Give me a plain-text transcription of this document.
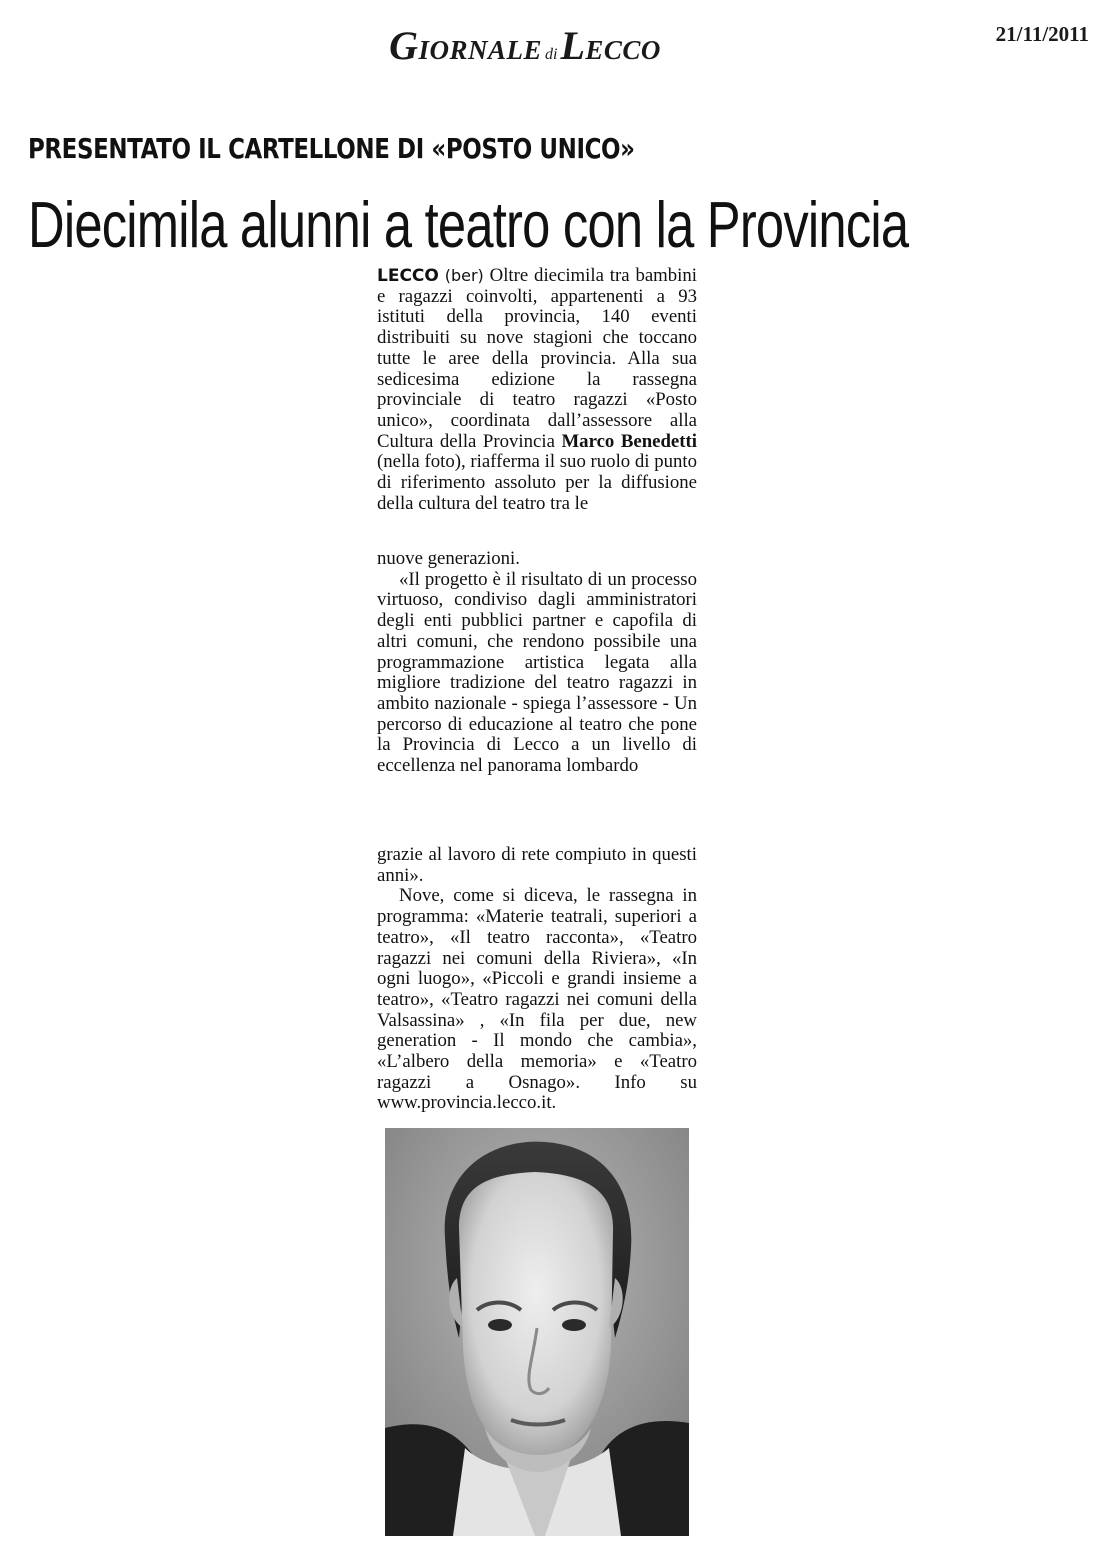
GIORNALE diLECCO
21/11/2011
PRESENTATO IL CARTELLONE DI «POSTO UNICO»
Diecimila alunni a teatro con la Provincia

LECCO (ber) Oltre diecimila tra bambini e ragazzi coinvolti, appartenenti a 93 istituti della provincia, 140 eventi distribuiti su nove stagioni che toccano tutte le aree della provincia. Alla sua sedicesima edizione la rassegna provinciale di teatro ragazzi «Posto unico», coordinata dall’assessore alla Cultura della Provincia Marco Benedetti (nella foto), riafferma il suo ruolo di punto di riferimento assoluto per la diffusione della cultura del teatro tra le

nuove generazioni.

«Il progetto è il risultato di un processo virtuoso, condiviso dagli amministratori degli enti pubblici partner e capofila di altri comuni, che rendono possibile una programmazione artistica legata alla migliore tradizione del teatro ragazzi in ambito nazionale - spiega l’assessore - Un percorso di educazione al teatro che pone la Provincia di Lecco a un livello di eccellenza nel panorama lombardo

grazie al lavoro di rete compiuto in questi anni».

Nove, come si diceva, le rassegna in programma: «Materie teatrali, superiori a teatro», «Il teatro racconta», «Teatro ragazzi nei comuni della Riviera», «In ogni luogo», «Piccoli e grandi insieme a teatro», «Teatro ragazzi nei comuni della Valsassina» , «In fila per due, new generation - Il mondo che cambia», «L’albero della memoria» e «Teatro ragazzi a Osnago». Info su www.provincia.lecco.it.
